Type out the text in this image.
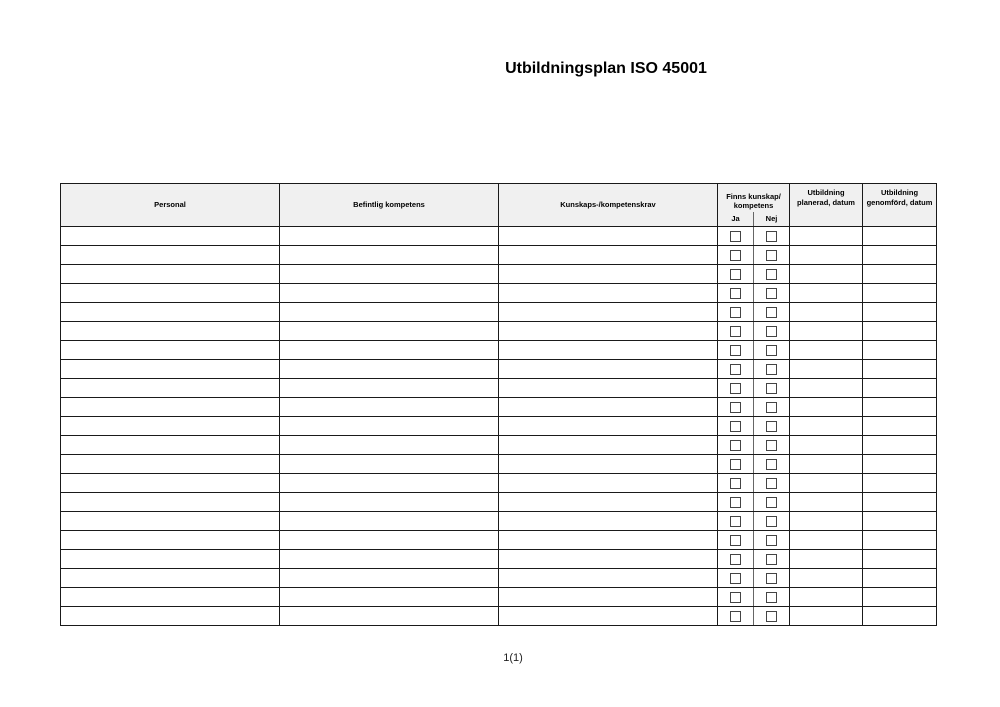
Utbildningsplan ISO 45001
Personal	Befintlig kompetens	Kunskaps-/kompetenskrav	Finns kunskap/ kompetens		Utbildning planerad, datum	Utbildning genomförd, datum
			Ja	Nej		

1(1)
